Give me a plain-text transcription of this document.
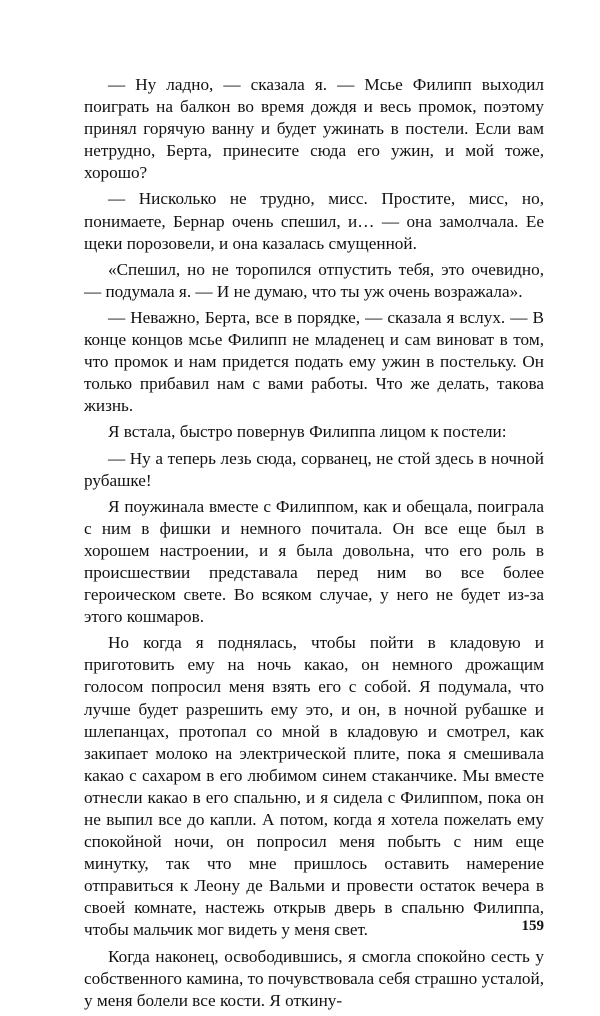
— Ну ладно, — сказала я. — Мсье Филипп выходил поиграть на балкон во время дождя и весь промок, поэтому принял горячую ванну и будет ужинать в постели. Если вам нетрудно, Берта, принесите сюда его ужин, и мой тоже, хорошо?

— Нисколько не трудно, мисс. Простите, мисс, но, понимаете, Бернар очень спешил, и… — она замолчала. Ее щеки порозовели, и она казалась смущенной.

«Спешил, но не торопился отпустить тебя, это очевидно, — подумала я. — И не думаю, что ты уж очень возражала».

— Неважно, Берта, все в порядке, — сказала я вслух. — В конце концов мсье Филипп не младенец и сам виноват в том, что промок и нам придется подать ему ужин в постельку. Он только прибавил нам с вами работы. Что же делать, такова жизнь.

Я встала, быстро повернув Филиппа лицом к постели:

— Ну а теперь лезь сюда, сорванец, не стой здесь в ночной рубашке!

Я поужинала вместе с Филиппом, как и обещала, поиграла с ним в фишки и немного почитала. Он все еще был в хорошем настроении, и я была довольна, что его роль в происшествии представала перед ним во все более героическом свете. Во всяком случае, у него не будет из-за этого кошмаров.

Но когда я поднялась, чтобы пойти в кладовую и приготовить ему на ночь какао, он немного дрожащим голосом попросил меня взять его с собой. Я подумала, что лучше будет разрешить ему это, и он, в ночной рубашке и шлепанцах, протопал со мной в кладовую и смотрел, как закипает молоко на электрической плите, пока я смешивала какао с сахаром в его любимом синем стаканчике. Мы вместе отнесли какао в его спальню, и я сидела с Филиппом, пока он не выпил все до капли. А потом, когда я хотела пожелать ему спокойной ночи, он попросил меня побыть с ним еще минутку, так что мне пришлось оставить намерение отправиться к Леону де Вальми и провести остаток вечера в своей комнате, настежь открыв дверь в спальню Филиппа, чтобы мальчик мог видеть у меня свет.

Когда наконец, освободившись, я смогла спокойно сесть у собственного камина, то почувствовала себя страшно усталой, у меня болели все кости. Я откину-

159
